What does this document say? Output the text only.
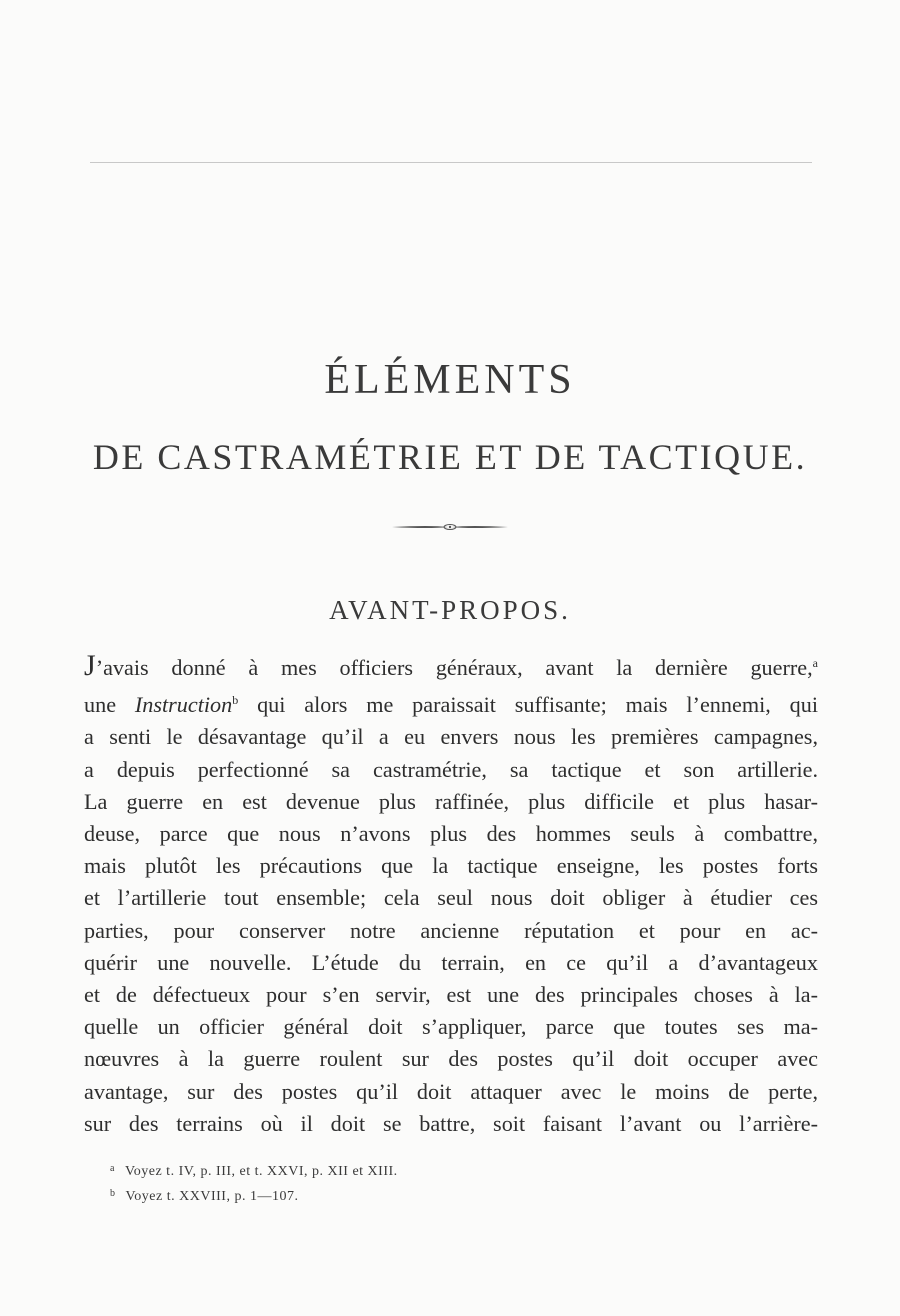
ÉLÉMENTS
DE CASTRAMÉTRIE ET DE TACTIQUE.
AVANT-PROPOS.
J’avais donné à mes officiers généraux, avant la dernière guerre,$^a$
une Instruction$^b$ qui alors me paraissait suffisante; mais l’ennemi, qui
a senti le désavantage qu’il a eu envers nous les premières campagnes,
a depuis perfectionné sa castramétrie, sa tactique et son artillerie.
La guerre en est devenue plus raffinée, plus difficile et plus hasar-
deuse, parce que nous n’avons plus des hommes seuls à combattre,
mais plutôt les précautions que la tactique enseigne, les postes forts
et l’artillerie tout ensemble; cela seul nous doit obliger à étudier ces
parties, pour conserver notre ancienne réputation et pour en ac-
quérir une nouvelle. L’étude du terrain, en ce qu’il a d’avantageux
et de défectueux pour s’en servir, est une des principales choses à la-
quelle un officier général doit s’appliquer, parce que toutes ses ma-
nœuvres à la guerre roulent sur des postes qu’il doit occuper avec
avantage, sur des postes qu’il doit attaquer avec le moins de perte,
sur des terrains où il doit se battre, soit faisant l’avant ou l’arrière-
$^a$ Voyez t. IV, p. III, et t. XXVI, p. XII et XIII.
$^b$ Voyez t. XXVIII, p. 1—107.
